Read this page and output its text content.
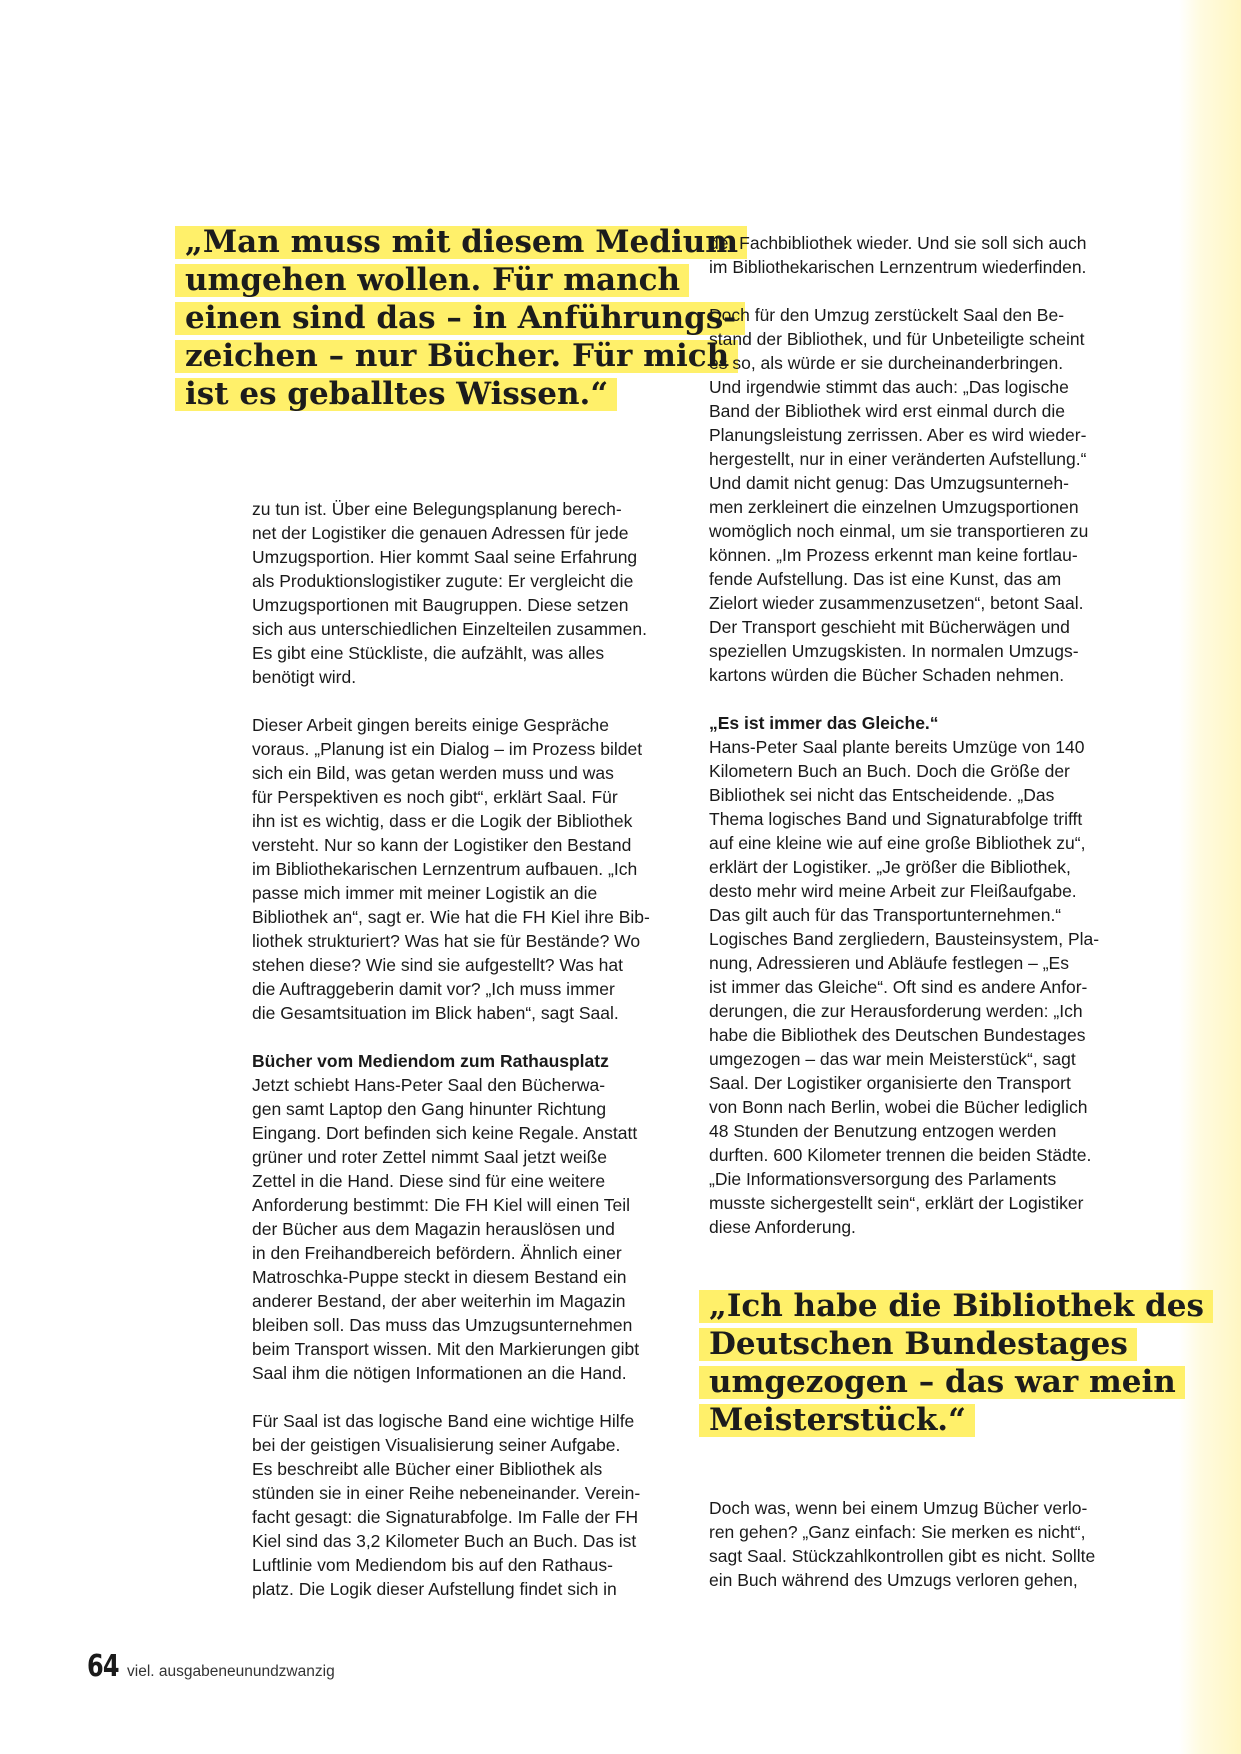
„Man muss mit diesem Medium
umgehen wollen. Für manch
einen sind das – in Anführungs-
zeichen – nur Bücher. Für mich
ist es geballtes Wissen.“

zu tun ist. Über eine Belegungsplanung berech-
net der Logistiker die genauen Adressen für jede
Umzugsportion. Hier kommt Saal seine Erfahrung
als Produktionslogistiker zugute: Er vergleicht die
Umzugsportionen mit Baugruppen. Diese setzen
sich aus unterschiedlichen Einzelteilen zusammen.
Es gibt eine Stückliste, die aufzählt, was alles
benötigt wird.

Dieser Arbeit gingen bereits einige Gespräche
voraus. „Planung ist ein Dialog – im Prozess bildet
sich ein Bild, was getan werden muss und was
für Perspektiven es noch gibt“, erklärt Saal. Für
ihn ist es wichtig, dass er die Logik der Bibliothek
versteht. Nur so kann der Logistiker den Bestand
im Bibliothekarischen Lernzentrum aufbauen. „Ich
passe mich immer mit meiner Logistik an die
Bibliothek an“, sagt er. Wie hat die FH Kiel ihre Bib-
liothek strukturiert? Was hat sie für Bestände? Wo
stehen diese? Wie sind sie aufgestellt? Was hat
die Auftraggeberin damit vor? „Ich muss immer
die Gesamtsituation im Blick haben“, sagt Saal.

Bücher vom Mediendom zum Rathausplatz

Jetzt schiebt Hans-Peter Saal den Bücherwa-
gen samt Laptop den Gang hinunter Richtung
Eingang. Dort befinden sich keine Regale. Anstatt
grüner und roter Zettel nimmt Saal jetzt weiße
Zettel in die Hand. Diese sind für eine weitere
Anforderung bestimmt: Die FH Kiel will einen Teil
der Bücher aus dem Magazin herauslösen und
in den Freihandbereich befördern. Ähnlich einer
Matroschka-Puppe steckt in diesem Bestand ein
anderer Bestand, der aber weiterhin im Magazin
bleiben soll. Das muss das Umzugsunternehmen
beim Transport wissen. Mit den Markierungen gibt
Saal ihm die nötigen Informationen an die Hand.

Für Saal ist das logische Band eine wichtige Hilfe
bei der geistigen Visualisierung seiner Aufgabe.
Es beschreibt alle Bücher einer Bibliothek als
stünden sie in einer Reihe nebeneinander. Verein-
facht gesagt: die Signaturabfolge. Im Falle der FH
Kiel sind das 3,2 Kilometer Buch an Buch. Das ist
Luftlinie vom Mediendom bis auf den Rathaus-
platz. Die Logik dieser Aufstellung findet sich in

der Fachbibliothek wieder. Und sie soll sich auch
im Bibliothekarischen Lernzentrum wiederfinden.

Doch für den Umzug zerstückelt Saal den Be-
stand der Bibliothek, und für Unbeteiligte scheint
es so, als würde er sie durcheinanderbringen.
Und irgendwie stimmt das auch: „Das logische
Band der Bibliothek wird erst einmal durch die
Planungsleistung zerrissen. Aber es wird wieder-
hergestellt, nur in einer veränderten Aufstellung.“
Und damit nicht genug: Das Umzugsunterneh-
men zerkleinert die einzelnen Umzugsportionen
womöglich noch einmal, um sie transportieren zu
können. „Im Prozess erkennt man keine fortlau-
fende Aufstellung. Das ist eine Kunst, das am
Zielort wieder zusammenzusetzen“, betont Saal.
Der Transport geschieht mit Bücherwägen und
speziellen Umzugskisten. In normalen Umzugs-
kartons würden die Bücher Schaden nehmen.

„Es ist immer das Gleiche.“

Hans-Peter Saal plante bereits Umzüge von 140
Kilometern Buch an Buch. Doch die Größe der
Bibliothek sei nicht das Entscheidende. „Das
Thema logisches Band und Signaturabfolge trifft
auf eine kleine wie auf eine große Bibliothek zu“,
erklärt der Logistiker. „Je größer die Bibliothek,
desto mehr wird meine Arbeit zur Fleißaufgabe.
Das gilt auch für das Transportunternehmen.“
Logisches Band zergliedern, Bausteinsystem, Pla-
nung, Adressieren und Abläufe festlegen – „Es
ist immer das Gleiche“. Oft sind es andere Anfor-
derungen, die zur Herausforderung werden: „Ich
habe die Bibliothek des Deutschen Bundestages
umgezogen – das war mein Meisterstück“, sagt
Saal. Der Logistiker organisierte den Transport
von Bonn nach Berlin, wobei die Bücher lediglich
48 Stunden der Benutzung entzogen werden
durften. 600 Kilometer trennen die beiden Städte.
„Die Informationsversorgung des Parlaments
musste sichergestellt sein“, erklärt der Logistiker
diese Anforderung.

„Ich habe die Bibliothek des
Deutschen Bundestages
umgezogen – das war mein
Meisterstück.“

Doch was, wenn bei einem Umzug Bücher verlo-
ren gehen? „Ganz einfach: Sie merken es nicht“,
sagt Saal. Stückzahlkontrollen gibt es nicht. Sollte
ein Buch während des Umzugs verloren gehen,

64 viel. ausgabeneunundzwanzig
